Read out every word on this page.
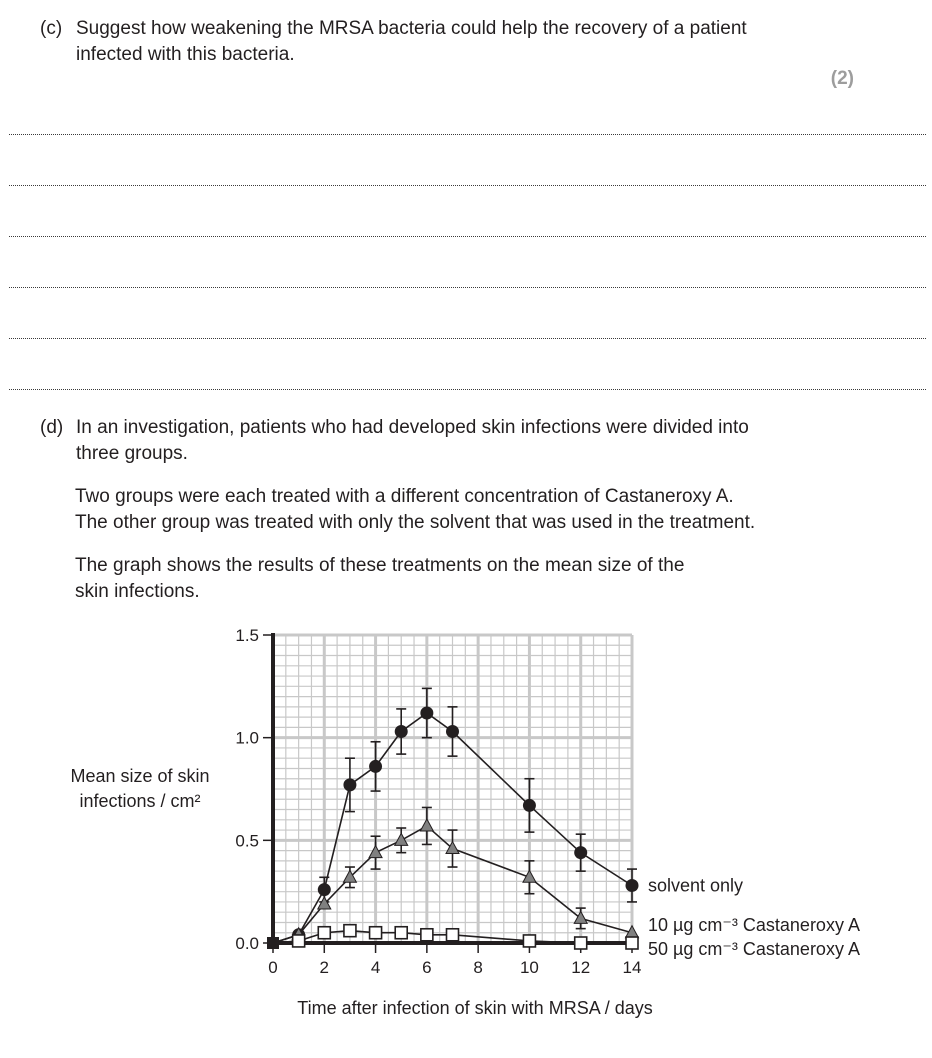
(c) Suggest how weakening the MRSA bacteria could help the recovery of a patient
infected with this bacteria.
(2)
(d) In an investigation, patients who had developed skin infections were divided into
three groups.
Two groups were each treated with a different concentration of Castaneroxy A.
The other group was treated with only the solvent that was used in the treatment.
The graph shows the results of these treatments on the mean size of the
skin infections.
Mean size of skin
infections / cm²
Time after infection of skin with MRSA / days
0.0
0.5
1.0
1.5
0 2 4 6 8 10 12 14
solvent only
10 µg cm⁻³ Castaneroxy A
50 µg cm⁻³ Castaneroxy A
